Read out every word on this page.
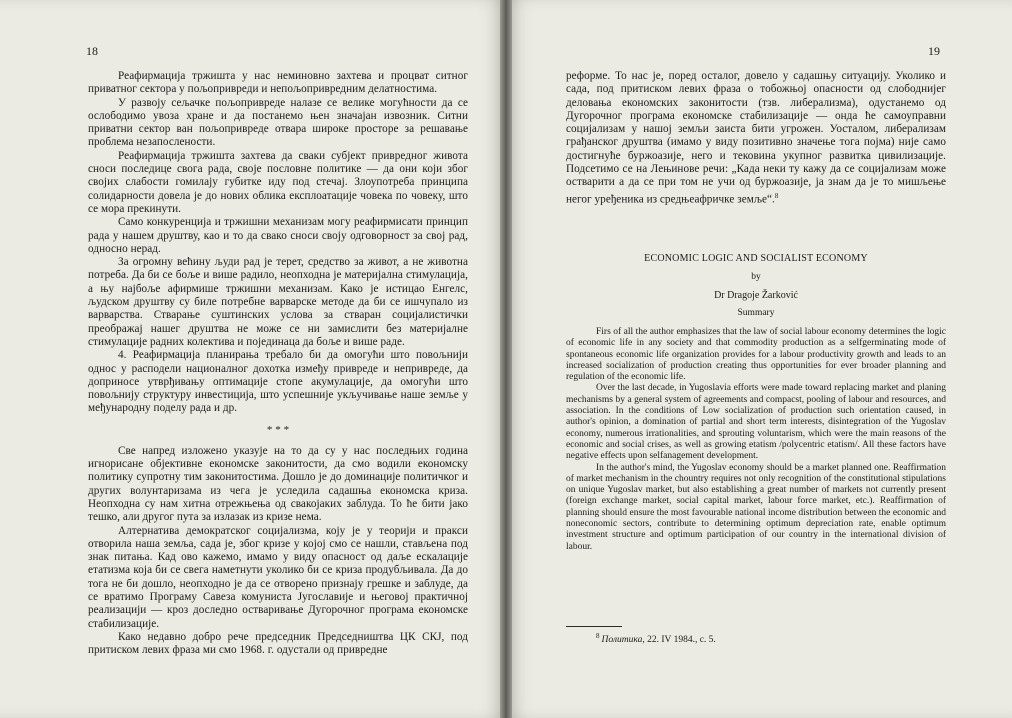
18

Реафирмација тржишта у нас неминовно захтева и процват ситног приватног сектора у пољопривреди и непољопривредним делатностима.

У развоју сељачке пољопривреде налазе се велике могућности да се ослободимо увоза хране и да постанемо њен значајан извозник. Ситни приватни сектор ван пољопривреде отвара широке просторе за решавање проблема незапослености.

Реафирмација тржишта захтева да сваки субјект привредног живота сноси последице свога рада, своје пословне политике — да они који због својих слабости гомилају губитке иду под стечај. Злоупотреба принципа солидарности довела је до нових облика експлоатације човека по човеку, што се мора прекинути.

Само конкуренција и тржишни механизам могу реафирмисати принцип рада у нашем друштву, као и то да свако сноси своју одговорност за свој рад, односно нерад.

За огромну већину људи рад је терет, средство за живот, а не животна потреба. Да би се боље и више радило, неопходна је материјална стимулација, а њу најбоље афирмише тржишни механизам. Како је истицао Енгелс, људском друштву су биле потребне варварске методе да би се ишчупало из варварства. Стварање суштинских услова за стваран социјалистички преображај нашег друштва не може се ни замислити без материјалне стимулације радних колектива и појединаца да боље и више раде.

4. Реафирмација планирања требало би да омогући што повољнији однос у расподели националног дохотка између привреде и непривреде, да доприносе утврђивању оптимације стопе акумулације, да омогући што повољнију структуру инвестиција, што успешније укључивање наше земље у међународну поделу рада и др.

* * *

Све напред изложено указује на то да су у нас последњих година игнорисане објективне економске законитости, да смо водили економску политику супротну тим законитостима. Дошло је до доминације политичког и других волунтаризама из чега је уследила садашња економска криза. Неопходна су нам хитна отрежњења од свакојаких заблуда. То ће бити јако тешко, али другог пута за излазак из кризе нема.

Алтернатива демократског социјализма, коју је у теорији и пракси отворила наша земља, сада је, због кризе у којој смо се нашли, стављена под знак питања. Кад ово кажемо, имамо у виду опасност од даље ескалације етатизма која би се свега наметнути уколико би се криза продубљивала. Да до тога не би дошло, неопходно је да се отворено признају грешке и заблуде, да се вратимо Програму Савеза комуниста Југославије и његовој практичној реализацији — кроз доследно остваривање Дугорочног програма економске стабилизације.

Како недавно добро рече председник Председништва ЦК СКЈ, под притиском левих фраза ми смо 1968. г. одустали од привредне

19

реформе. То нас је, поред осталог, довело у садашњу ситуацију. Уколико и сада, под притиском левих фраза о тобожњој опасности од слободнијег деловања економских законитости (тзв. либерализма), одустанемо од Дугорочног програма економске стабилизације — онда ће самоуправни социјализам у нашој земљи заиста бити угрожен. Уосталом, либерализам грађанског друштва (имамо у виду позитивно значење тога појма) није само достигнуће буржоазије, него и тековина укупног развитка цивилизације. Подсетимо се на Лењинове речи: „Када неки ту кажу да се социјализам може остварити а да се при том не учи од буржоазије, ја знам да је то мишљење негог уређеника из средњеафричке земље“.$^8$

ECONOMIC LOGIC AND SOCIALIST ECONOMY

by

Dr Dragoje Žarković

Summary

Firs of all the author emphasizes that the law of social labour economy determines the logic of economic life in any society and that commodity production as a selfgerminating mode of spontaneous economic life organization provides for a labour productivity growth and leads to an increased socialization of production creating thus opportunities for ever broader planning and regulation of the economic life.

Over the last decade, in Yugoslavia efforts were made toward replacing market and planing mechanisms by a general system of agreements and compacst, pooling of labour and resources, and association. In the conditions of Low socialization of production such orientation caused, in author's opinion, a domination of partial and short term interests, disintegration of the Yugoslav economy, numerous irrationalities, and sprouting voluntarism, which were the main reasons of the economic and social crises, as well as growing etatism /polycentric etatism/. All these factors have negative effects upon selfanagement development.

In the author's mind, the Yugoslav economy should be a market planned one. Reaffirmation of market mechanism in the chountry requires not only recognition of the constitutional stipulations on unique Yugoslav market, but also establishing a great number of markets not currently present (foreign exchange market, social capital market, labour force market, etc.). Reaffirmation of planning should ensure the most favourable national income distribution between the economic and noneconomic sectors, contribute to determining optimum depreciation rate, enable optimum investment structure and optimum participation of our country in the international division of labour.

$^8$ Политика, 22. IV 1984., с. 5.
